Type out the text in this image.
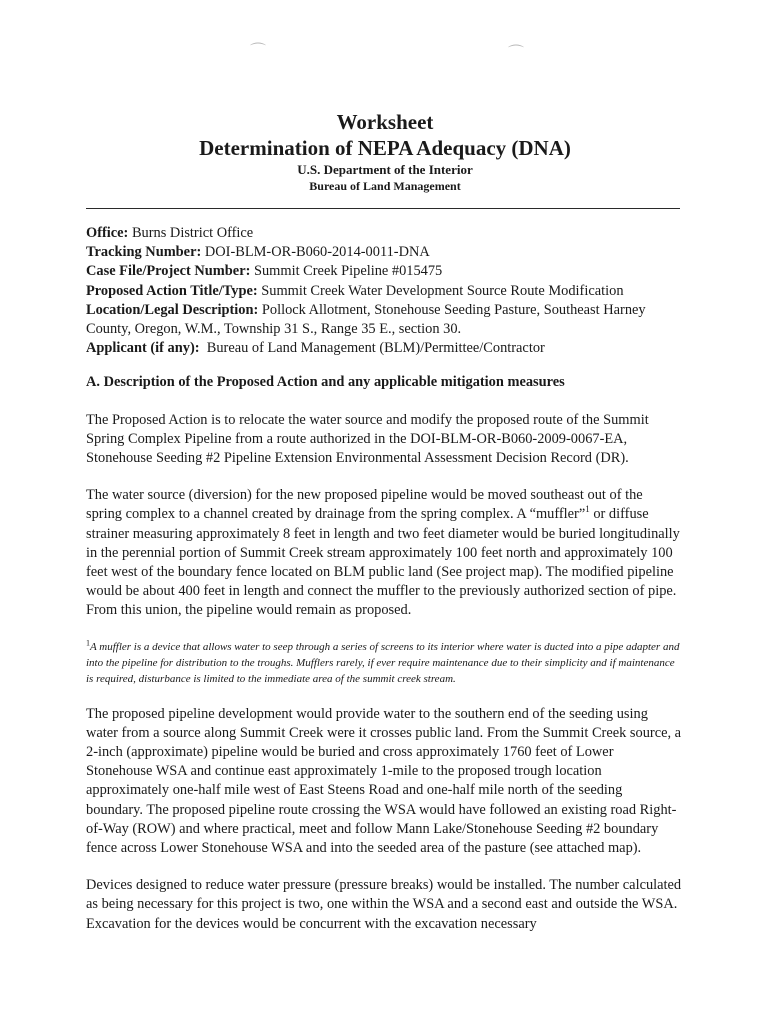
⌒	⌒
Worksheet
Determination of NEPA Adequacy (DNA)
U.S. Department of the Interior
Bureau of Land Management

Office: Burns District Office

Tracking Number: DOI-BLM-OR-B060-2014-0011-DNA

Case File/Project Number: Summit Creek Pipeline #015475

Proposed Action Title/Type: Summit Creek Water Development Source Route Modification

Location/Legal Description: Pollock Allotment, Stonehouse Seeding Pasture, Southeast Harney County, Oregon, W.M., Township 31 S., Range 35 E., section 30.

Applicant (if any): Bureau of Land Management (BLM)/Permittee/Contractor

A. Description of the Proposed Action and any applicable mitigation measures

The Proposed Action is to relocate the water source and modify the proposed route of the Summit Spring Complex Pipeline from a route authorized in the DOI-BLM-OR-B060-2009-0067-EA, Stonehouse Seeding #2 Pipeline Extension Environmental Assessment Decision Record (DR).

The water source (diversion) for the new proposed pipeline would be moved southeast out of the spring complex to a channel created by drainage from the spring complex. A “muffler”$^1$ or diffuse strainer measuring approximately 8 feet in length and two feet diameter would be buried longitudinally in the perennial portion of Summit Creek stream approximately 100 feet north and approximately 100 feet west of the boundary fence located on BLM public land (See project map). The modified pipeline would be about 400 feet in length and connect the muffler to the previously authorized section of pipe. From this union, the pipeline would remain as proposed.

$^1$A muffler is a device that allows water to seep through a series of screens to its interior where water is ducted into a pipe adapter and into the pipeline for distribution to the troughs. Mufflers rarely, if ever require maintenance due to their simplicity and if maintenance is required, disturbance is limited to the immediate area of the summit creek stream.

The proposed pipeline development would provide water to the southern end of the seeding using water from a source along Summit Creek were it crosses public land. From the Summit Creek source, a 2-inch (approximate) pipeline would be buried and cross approximately 1760 feet of Lower Stonehouse WSA and continue east approximately 1-mile to the proposed trough location approximately one-half mile west of East Steens Road and one-half mile north of the seeding boundary. The proposed pipeline route crossing the WSA would have followed an existing road Right-of-Way (ROW) and where practical, meet and follow Mann Lake/Stonehouse Seeding #2 boundary fence across Lower Stonehouse WSA and into the seeded area of the pasture (see attached map).

Devices designed to reduce water pressure (pressure breaks) would be installed. The number calculated as being necessary for this project is two, one within the WSA and a second east and outside the WSA. Excavation for the devices would be concurrent with the excavation necessary
